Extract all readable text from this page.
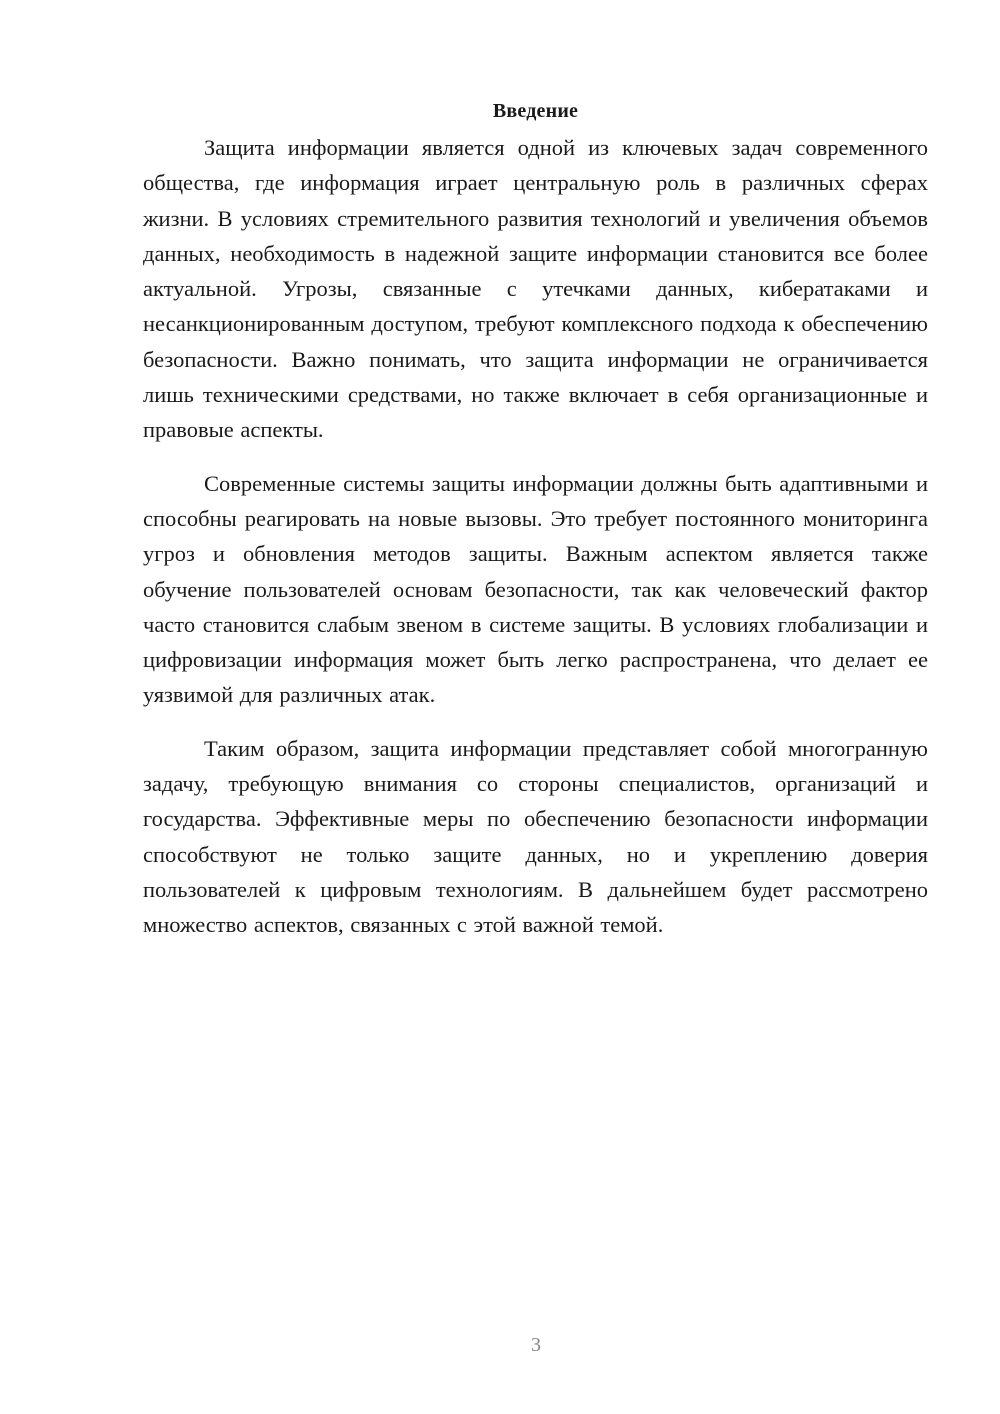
Введение

Защита информации является одной из ключевых задач современного общества, где информация играет центральную роль в различных сферах жизни. В условиях стремительного развития технологий и увеличения объемов данных, необходимость в надежной защите информации становится все более актуальной. Угрозы, связанные с утечками данных, кибератаками и несанкционированным доступом, требуют комплексного подхода к обеспечению безопасности. Важно понимать, что защита информации не ограничивается лишь техническими средствами, но также включает в себя организационные и правовые аспекты.

Современные системы защиты информации должны быть адаптивными и способны реагировать на новые вызовы. Это требует постоянного мониторинга угроз и обновления методов защиты. Важным аспектом является также обучение пользователей основам безопасности, так как человеческий фактор часто становится слабым звеном в системе защиты. В условиях глобализации и цифровизации информация может быть легко распространена, что делает ее уязвимой для различных атак.

Таким образом, защита информации представляет собой многогранную задачу, требующую внимания со стороны специалистов, организаций и государства. Эффективные меры по обеспечению безопасности информации способствуют не только защите данных, но и укреплению доверия пользователей к цифровым технологиям. В дальнейшем будет рассмотрено множество аспектов, связанных с этой важной темой.

3
